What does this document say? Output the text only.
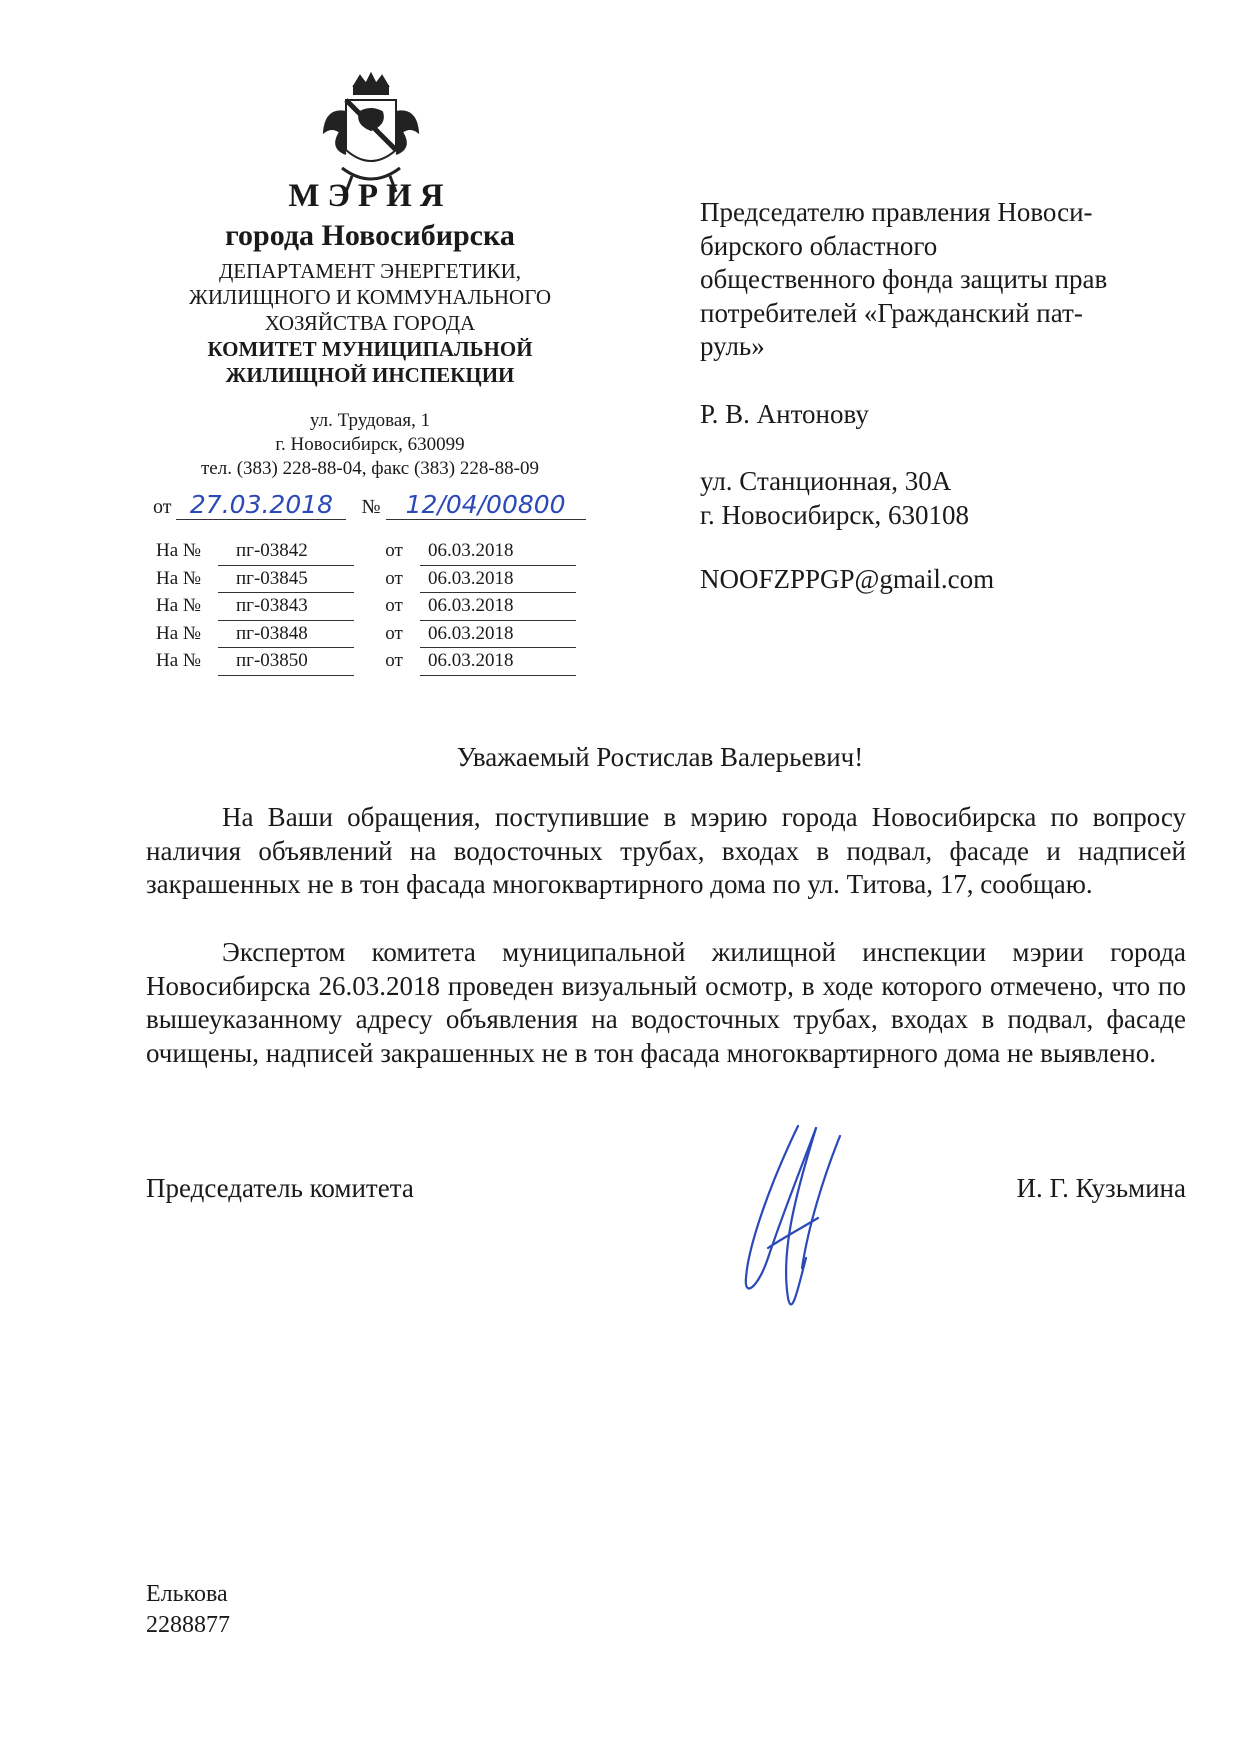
МЭРИЯ
города Новосибирска
ДЕПАРТАМЕНТ ЭНЕРГЕТИКИ,
ЖИЛИЩНОГО И КОММУНАЛЬНОГО
ХОЗЯЙСТВА ГОРОДА
КОМИТЕТ МУНИЦИПАЛЬНОЙ
ЖИЛИЩНОЙ ИНСПЕКЦИИ
ул. Трудовая, 1
г. Новосибирск, 630099
тел. (383) 228-88-04, факс (383) 228-88-09
от 27.03.2018 № 12/04/00800
На № пг-03842	от 06.03.2018
На № пг-03845	от 06.03.2018
На № пг-03843	от 06.03.2018
На № пг-03848	от 06.03.2018
На № пг-03850	от 06.03.2018
Председателю правления Новоси-
бирского областного
общественного фонда защиты прав
потребителей «Гражданский пат-
руль»
Р. В. Антонову
ул. Станционная, 30А
г. Новосибирск, 630108
NOOFZPPGP@gmail.com
Уважаемый Ростислав Валерьевич!
На Ваши обращения, поступившие в мэрию города Новосибирска по вопросу наличия объявлений на водосточных трубах, входах в подвал, фасаде и надписей закрашенных не в тон фасада многоквартирного дома по ул. Титова, 17, сообщаю.
Экспертом комитета муниципальной жилищной инспекции мэрии города Новосибирска 26.03.2018 проведен визуальный осмотр, в ходе которого отмечено, что по вышеуказанному адресу объявления на водосточных трубах, входах в подвал, фасаде очищены, надписей закрашенных не в тон фасада многоквартирного дома не выявлено.
Председатель комитета	И. Г. Кузьмина
Елькова
2288877
